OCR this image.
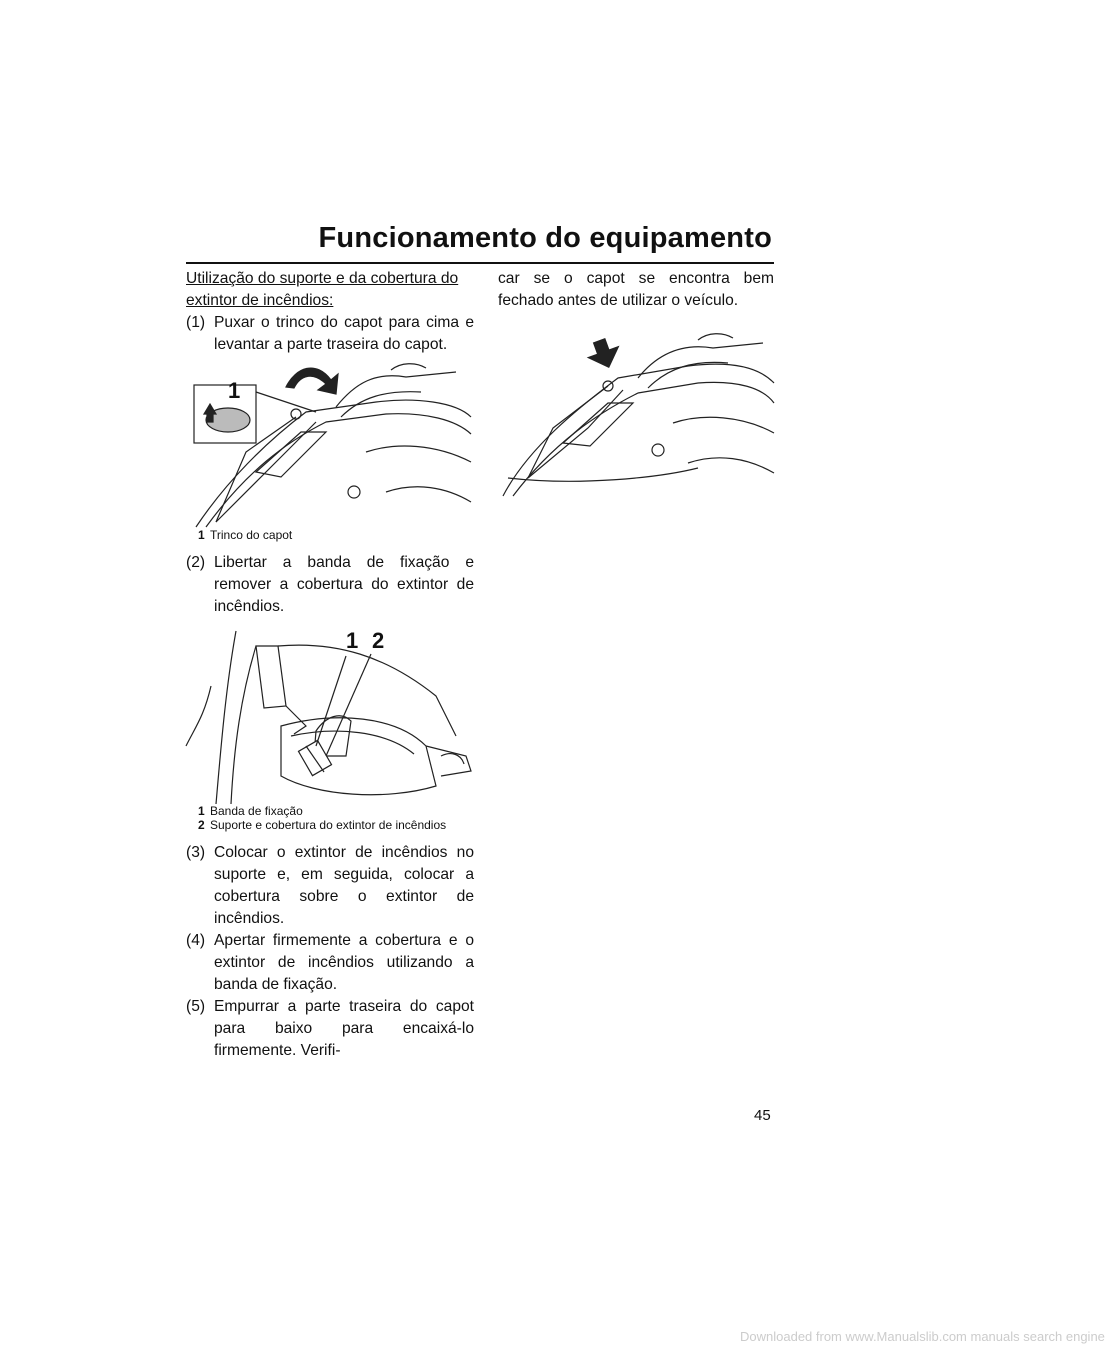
Funcionamento do equipamento
Utilização do suporte e da cobertura do extintor de incêndios:
(1) Puxar o trinco do capot para cima e levantar a parte traseira do capot.
1
1 Trinco do capot
(2) Libertar a banda de fixação e remover a cobertura do extintor de incêndios.
1 2
1 Banda de fixação
2 Suporte e cobertura do extintor de incêndios
(3) Colocar o extintor de incêndios no suporte e, em seguida, colocar a cobertura sobre o extintor de incêndios.
(4) Apertar firmemente a cobertura e o extintor de incêndios utilizando a banda de fixação.
(5) Empurrar a parte traseira do capot para baixo para encaixá-lo firmemente. Verifi-
car se o capot se encontra bem fechado antes de utilizar o veículo.
45
Downloaded from www.Manualslib.com manuals search engine
